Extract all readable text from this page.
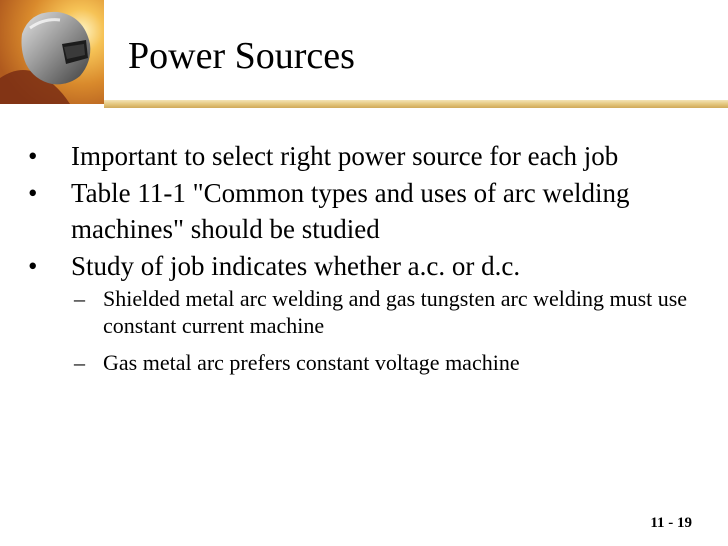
Power Sources
•	Important to select right power source for each job
•	Table 11-1 "Common types and uses of arc welding machines" should be studied
•	Study of job indicates whether a.c. or d.c.
– Shielded metal arc welding and gas tungsten arc welding must use constant current machine
– Gas metal arc prefers constant voltage machine
11 - 19
